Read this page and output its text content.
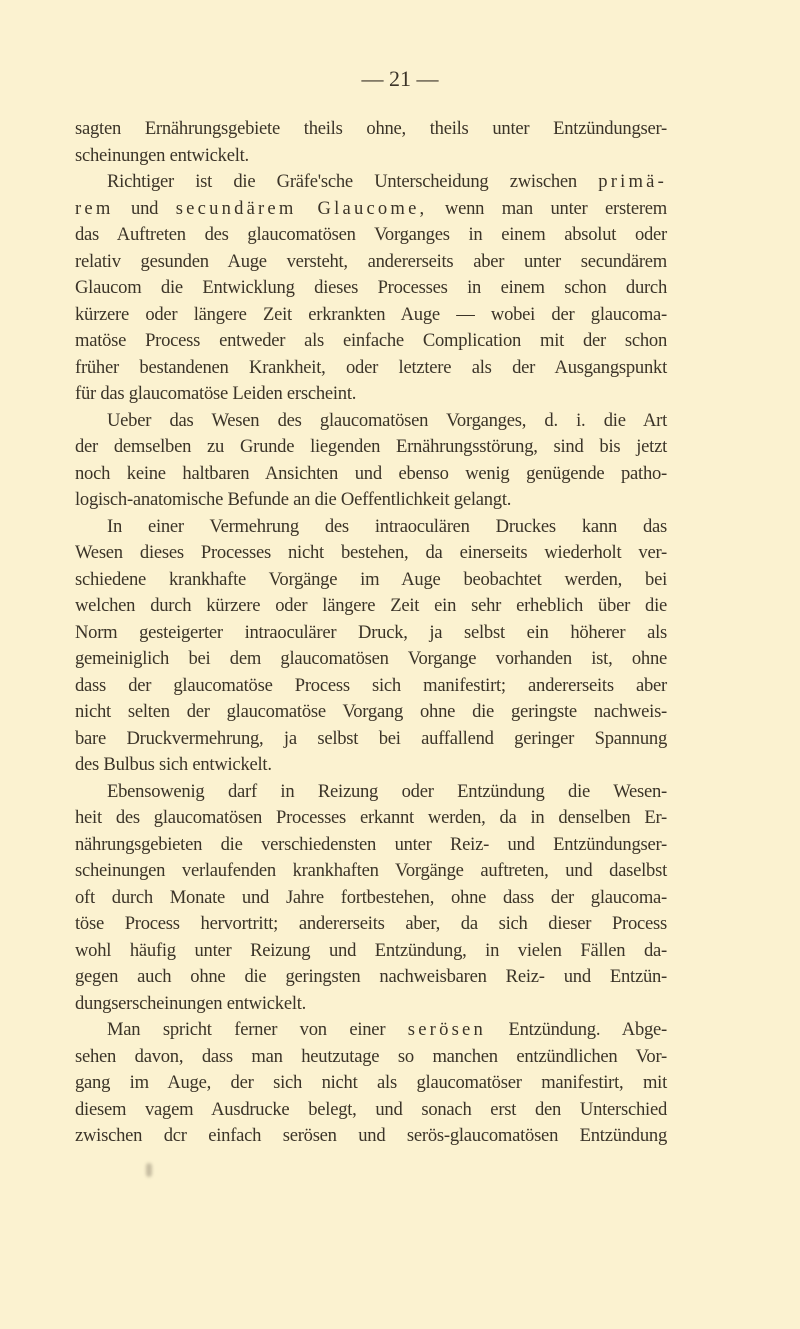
— 21 —
sagten Ernährungsgebiete theils ohne, theils unter Entzündungser-
scheinungen entwickelt.
Richtiger ist die Gräfe'sche Unterscheidung zwischen primä-
rem und secundärem Glaucome, wenn man unter ersterem
das Auftreten des glaucomatösen Vorganges in einem absolut oder
relativ gesunden Auge versteht, andererseits aber unter secundärem
Glaucom die Entwicklung dieses Processes in einem schon durch
kürzere oder längere Zeit erkrankten Auge — wobei der glaucoma-
matöse Process entweder als einfache Complication mit der schon
früher bestandenen Krankheit, oder letztere als der Ausgangspunkt
für das glaucomatöse Leiden erscheint.
Ueber das Wesen des glaucomatösen Vorganges, d. i. die Art
der demselben zu Grunde liegenden Ernährungsstörung, sind bis jetzt
noch keine haltbaren Ansichten und ebenso wenig genügende patho-
logisch-anatomische Befunde an die Oeffentlichkeit gelangt.
In einer Vermehrung des intraoculären Druckes kann das
Wesen dieses Processes nicht bestehen, da einerseits wiederholt ver-
schiedene krankhafte Vorgänge im Auge beobachtet werden, bei
welchen durch kürzere oder längere Zeit ein sehr erheblich über die
Norm gesteigerter intraoculärer Druck, ja selbst ein höherer als
gemeiniglich bei dem glaucomatösen Vorgange vorhanden ist, ohne
dass der glaucomatöse Process sich manifestirt; andererseits aber
nicht selten der glaucomatöse Vorgang ohne die geringste nachweis-
bare Druckvermehrung, ja selbst bei auffallend geringer Spannung
des Bulbus sich entwickelt.
Ebensowenig darf in Reizung oder Entzündung die Wesen-
heit des glaucomatösen Processes erkannt werden, da in denselben Er-
nährungsgebieten die verschiedensten unter Reiz- und Entzündungser-
scheinungen verlaufenden krankhaften Vorgänge auftreten, und daselbst
oft durch Monate und Jahre fortbestehen, ohne dass der glaucoma-
töse Process hervortritt; andererseits aber, da sich dieser Process
wohl häufig unter Reizung und Entzündung, in vielen Fällen da-
gegen auch ohne die geringsten nachweisbaren Reiz- und Entzün-
dungserscheinungen entwickelt.
Man spricht ferner von einer serösen Entzündung. Abge-
sehen davon, dass man heutzutage so manchen entzündlichen Vor-
gang im Auge, der sich nicht als glaucomatöser manifestirt, mit
diesem vagem Ausdrucke belegt, und sonach erst den Unterschied
zwischen dcr einfach serösen und serös-glaucomatösen Entzündung
